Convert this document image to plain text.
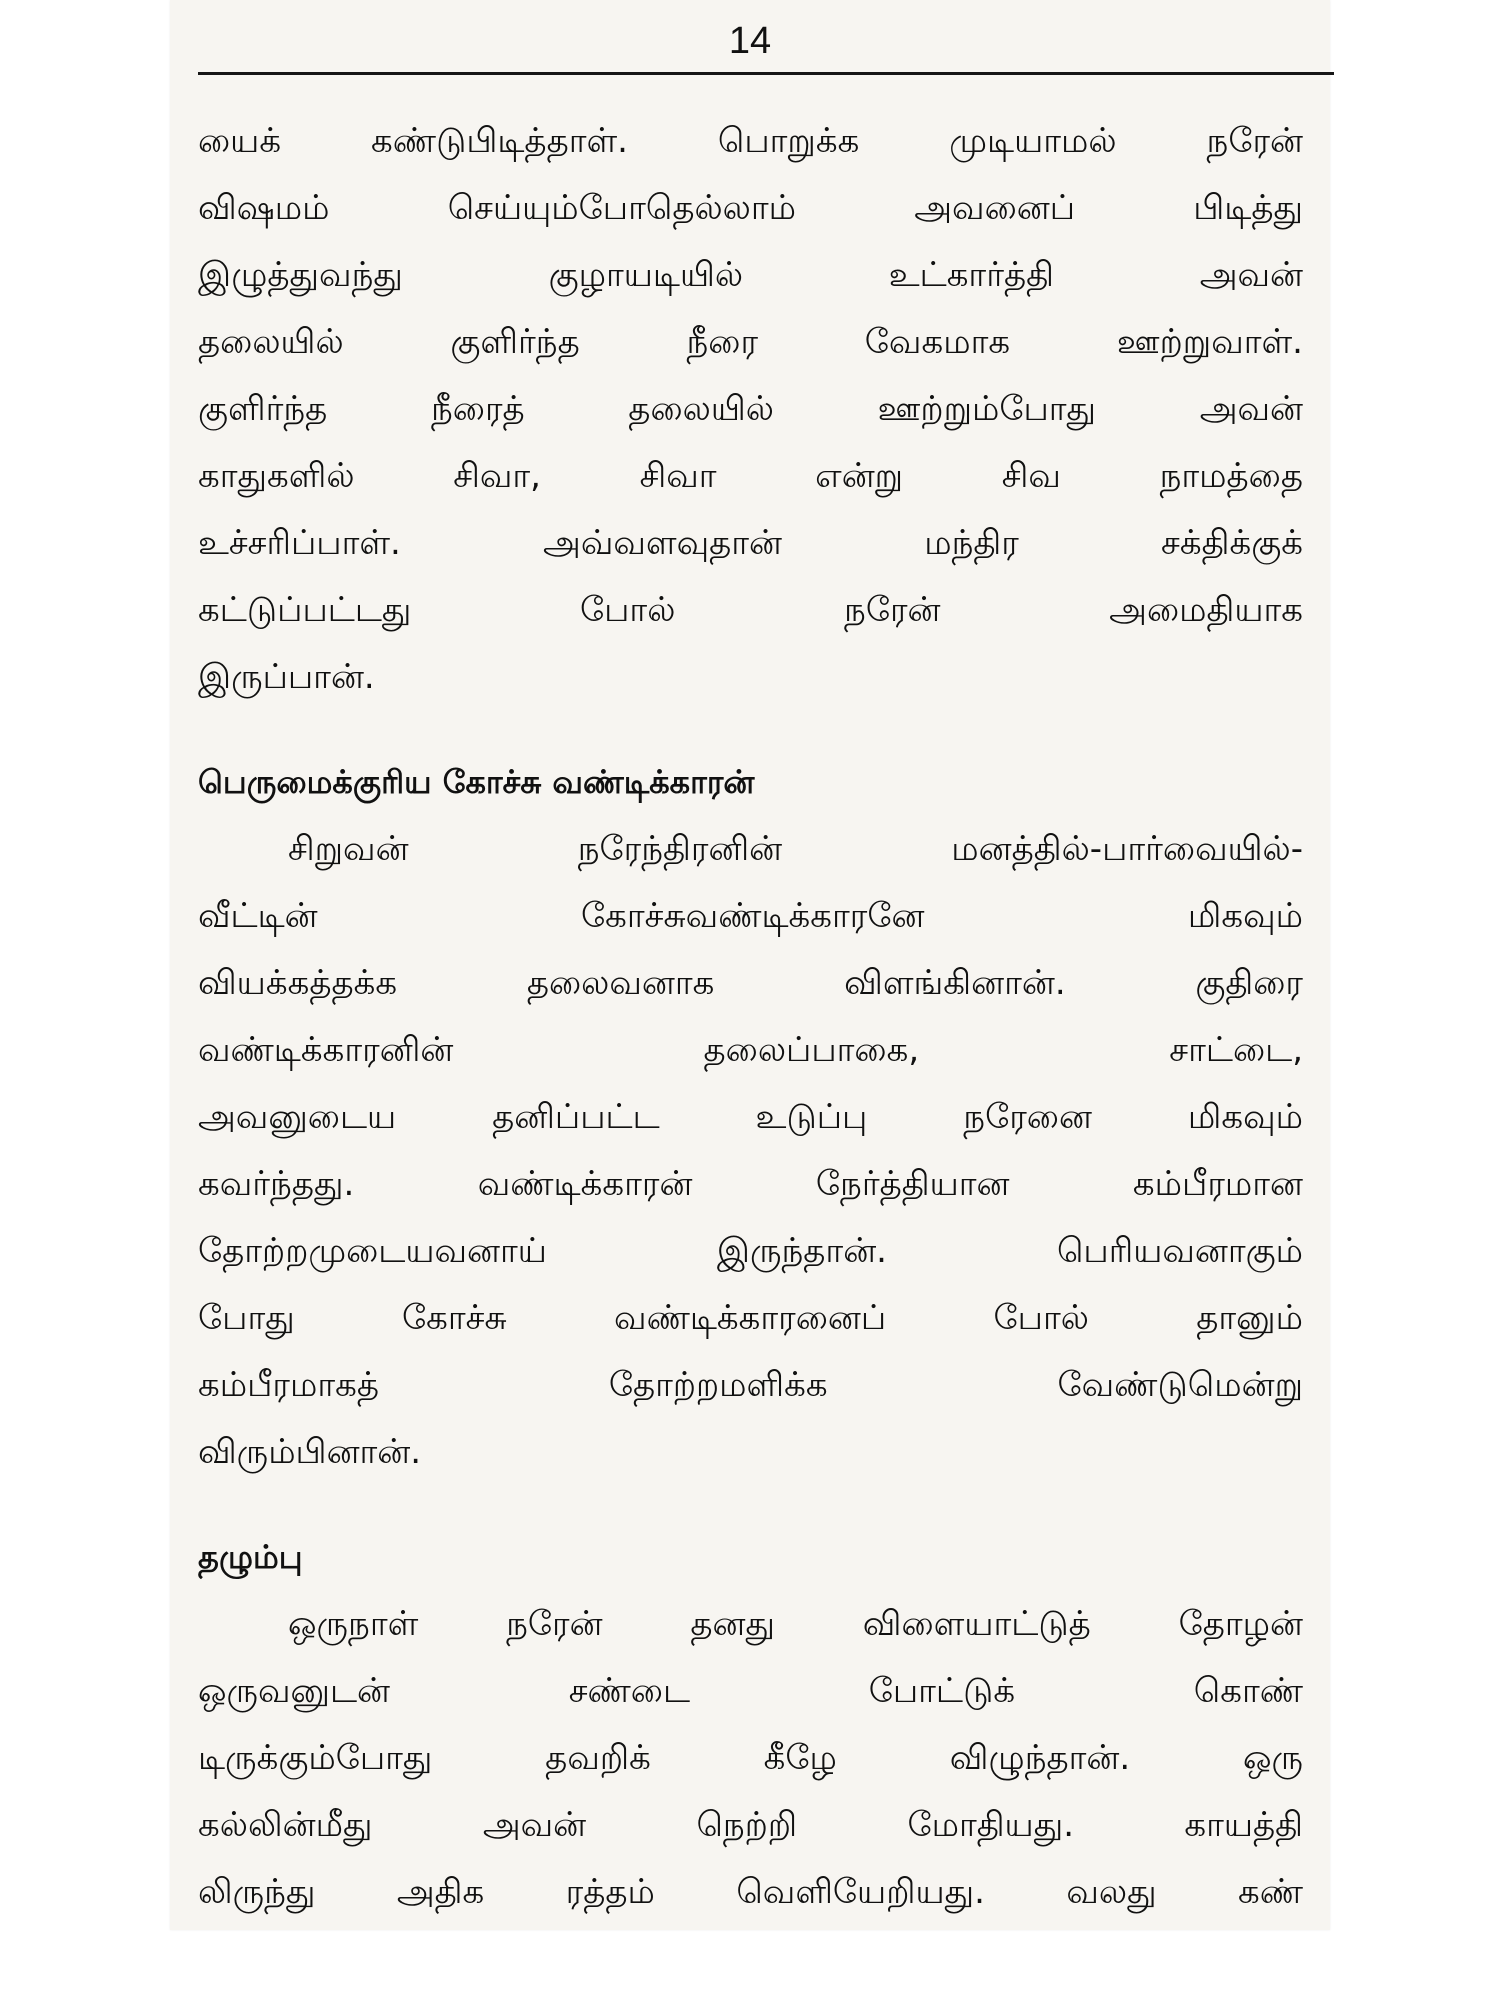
14
யைக் கண்டுபிடித்தாள். பொறுக்க முடியாமல் நரேன்
விஷமம் செய்யும்போதெல்லாம் அவனைப் பிடித்து
இழுத்துவந்து குழாயடியில் உட்கார்த்தி அவன்
தலையில் குளிர்ந்த நீரை வேகமாக ஊற்றுவாள்.
குளிர்ந்த நீரைத் தலையில் ஊற்றும்போது அவன்
காதுகளில் சிவா, சிவா என்று சிவ நாமத்தை
உச்சரிப்பாள். அவ்வளவுதான் மந்திர சக்திக்குக்
கட்டுப்பட்டது போல் நரேன் அமைதியாக
இருப்பான்.
பெருமைக்குரிய கோச்சு வண்டிக்காரன்
சிறுவன் நரேந்திரனின் மனத்தில்-பார்வையில்-
வீட்டின் கோச்சுவண்டிக்காரனே மிகவும்
வியக்கத்தக்க தலைவனாக விளங்கினான். குதிரை
வண்டிக்காரனின் தலைப்பாகை, சாட்டை,
அவனுடைய தனிப்பட்ட உடுப்பு நரேனை மிகவும்
கவர்ந்தது. வண்டிக்காரன் நேர்த்தியான கம்பீரமான
தோற்றமுடையவனாய் இருந்தான். பெரியவனாகும்
போது கோச்சு வண்டிக்காரனைப் போல் தானும்
கம்பீரமாகத் தோற்றமளிக்க வேண்டுமென்று
விரும்பினான்.
தழும்பு
ஒருநாள் நரேன் தனது விளையாட்டுத் தோழன்
ஒருவனுடன் சண்டை போட்டுக் கொண்
டிருக்கும்போது தவறிக் கீழே விழுந்தான். ஒரு
கல்லின்மீது அவன் நெற்றி மோதியது. காயத்தி
லிருந்து அதிக ரத்தம் வெளியேறியது. வலது கண்
